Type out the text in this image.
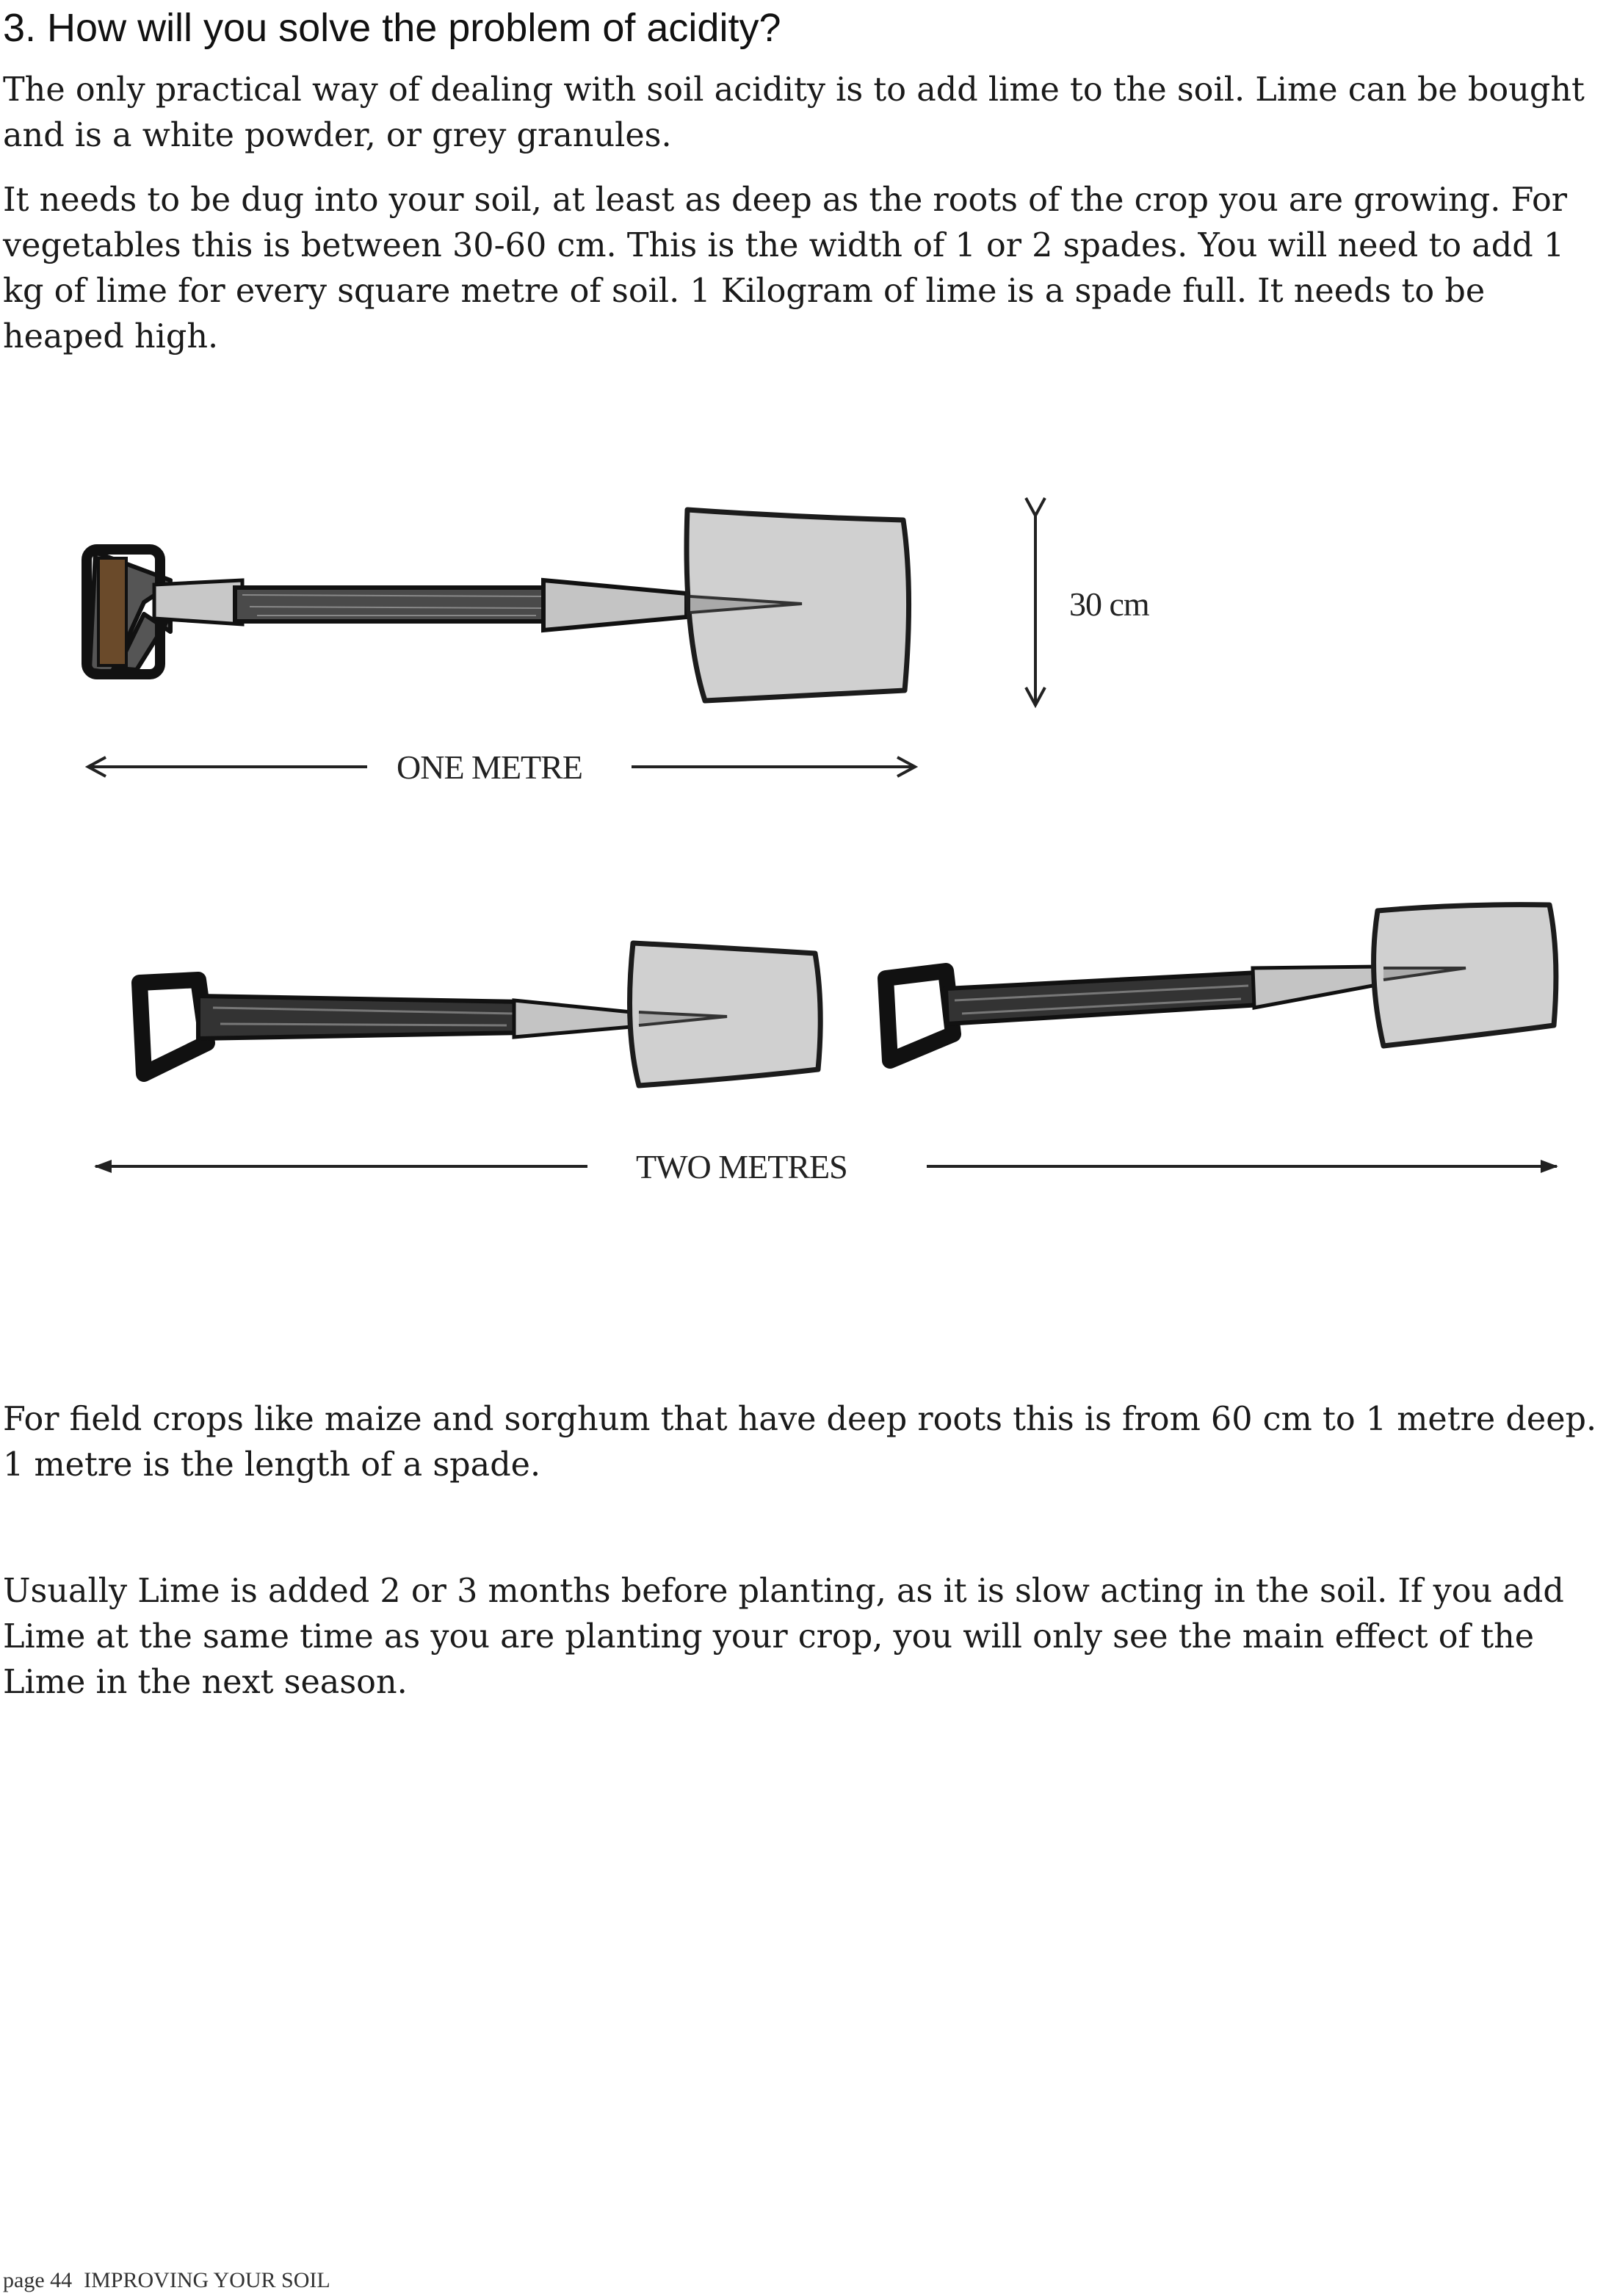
3. How will you solve the problem of acidity?

The only practical way of dealing with soil acidity is to add lime to the soil. Lime can be bought and is a white powder, or grey granules.

It needs to be dug into your soil, at least as deep as the roots of the crop you are growing. For vegetables this is between 30-60 cm. This is the width of 1 or 2 spades. You will need to add 1 kg of lime for every square metre of soil. 1 Kilogram of lime is a spade full. It needs to be heaped high.

30 cm
ONE METRE
TWO METRES

For field crops like maize and sorghum that have deep roots this is from 60 cm to 1 metre deep. 1 metre is the length of a spade.

Usually Lime is added 2 or 3 months before planting, as it is slow acting in the soil. If you add Lime at the same time as you are planting your crop, you will only see the main effect of the Lime in the next season.

page 44 IMPROVING YOUR SOIL
